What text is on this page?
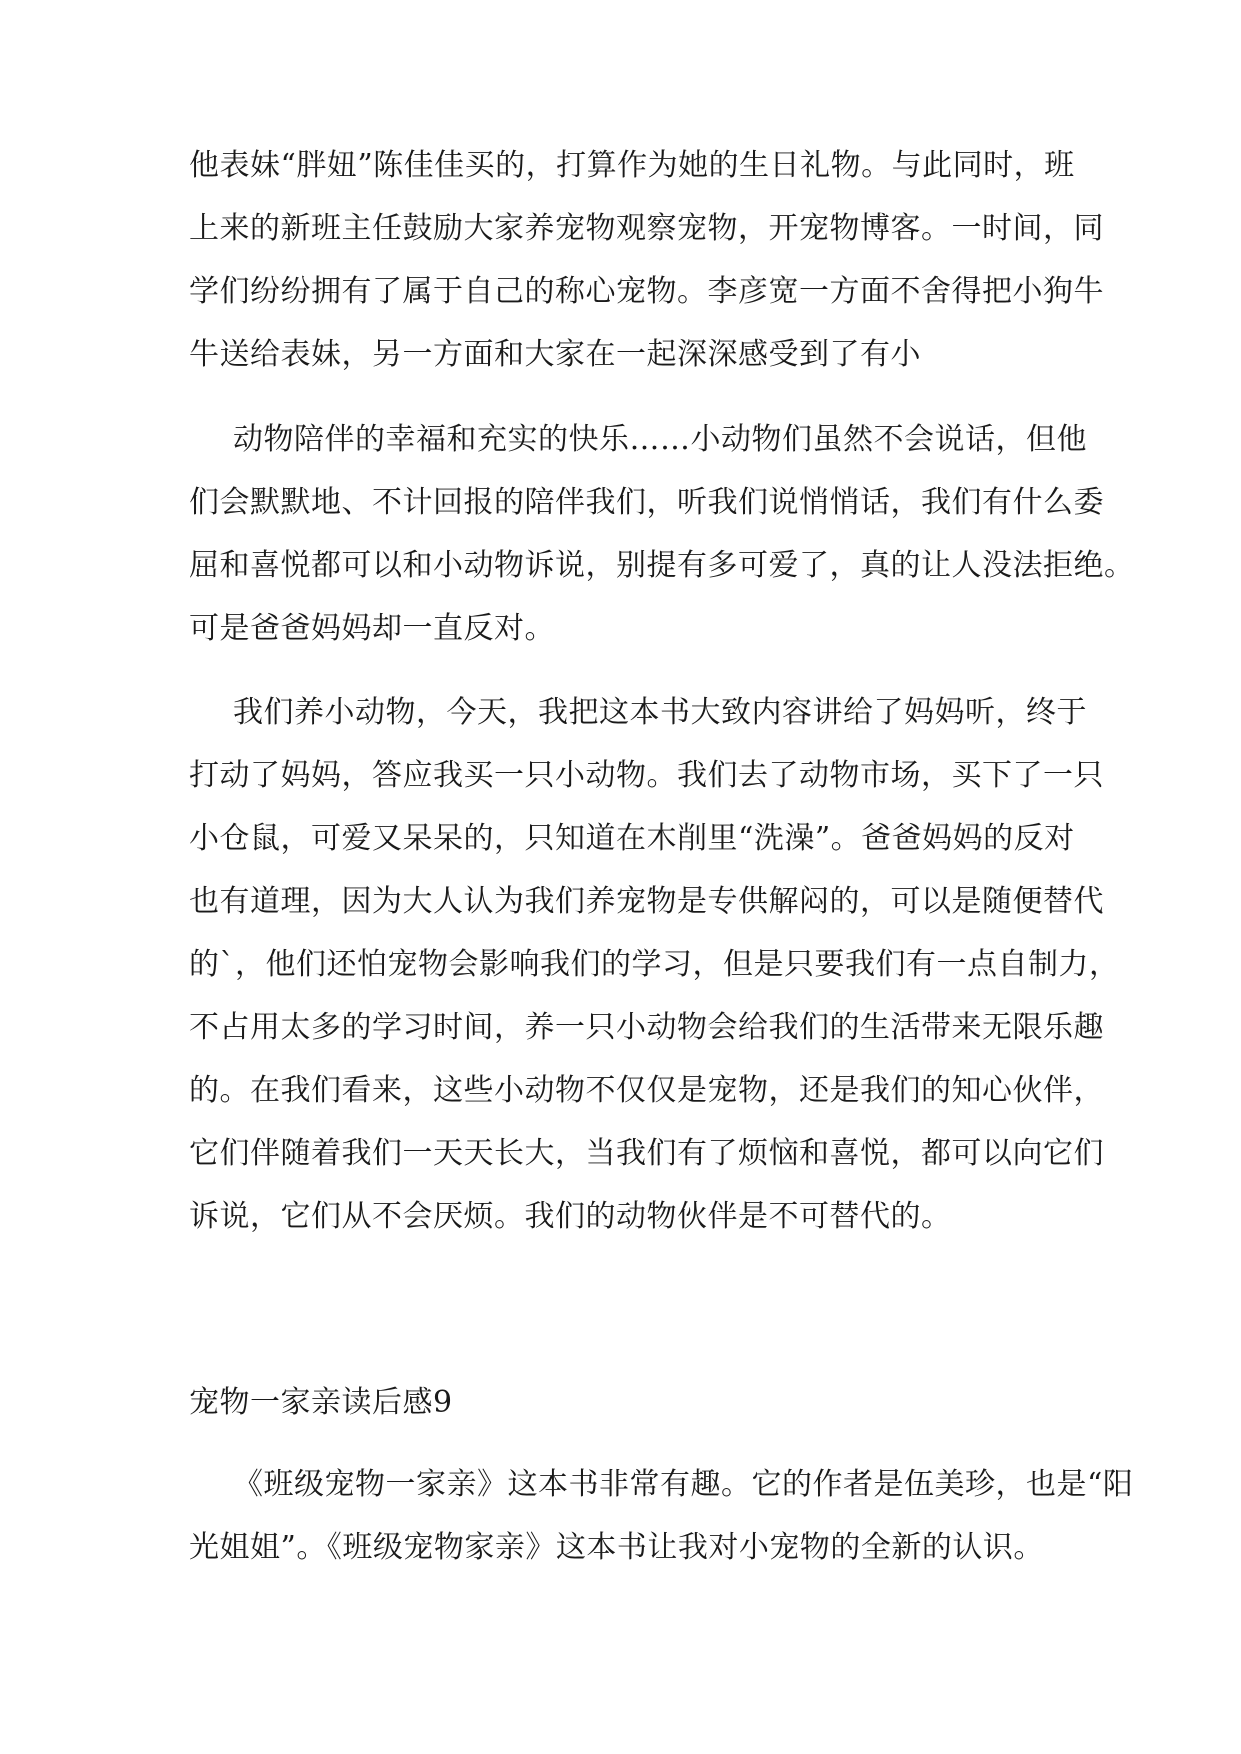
他表妹“胖妞”陈佳佳买的，打算作为她的生日礼物。与此同时，班
上来的新班主任鼓励大家养宠物观察宠物，开宠物博客。一时间，同
学们纷纷拥有了属于自己的称心宠物。李彦宽一方面不舍得把小狗牛
牛送给表妹，另一方面和大家在一起深深感受到了有小
动物陪伴的幸福和充实的快乐……小动物们虽然不会说话，但他
们会默默地、不计回报的陪伴我们，听我们说悄悄话，我们有什么委
屈和喜悦都可以和小动物诉说，别提有多可爱了，真的让人没法拒绝。
可是爸爸妈妈却一直反对。
我们养小动物，今天，我把这本书大致内容讲给了妈妈听，终于
打动了妈妈，答应我买一只小动物。我们去了动物市场，买下了一只
小仓鼠，可爱又呆呆的，只知道在木削里“洗澡”。爸爸妈妈的反对
也有道理，因为大人认为我们养宠物是专供解闷的，可以是随便替代
的`，他们还怕宠物会影响我们的学习，但是只要我们有一点自制力，
不占用太多的学习时间，养一只小动物会给我们的生活带来无限乐趣
的。在我们看来，这些小动物不仅仅是宠物，还是我们的知心伙伴，
它们伴随着我们一天天长大，当我们有了烦恼和喜悦，都可以向它们
诉说，它们从不会厌烦。我们的动物伙伴是不可替代的。
宠物一家亲读后感9
《班级宠物一家亲》这本书非常有趣。它的作者是伍美珍，也是“阳
光姐姐”。《班级宠物家亲》这本书让我对小宠物的全新的认识。
